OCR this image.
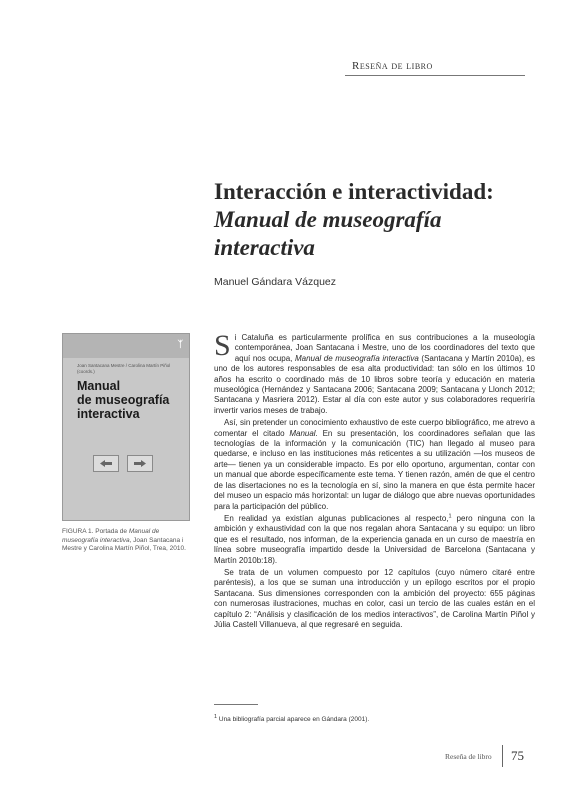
Reseña de libro
Interacción e interactividad:
Manual de museografía
interactiva
Manuel Gándara Vázquez
ᛉ
Joan Santacana Mestre / Carolina Martín Piñol (coords.)
Manual
de museografía
interactiva
FIGURA 1. Portada de Manual de museografía interactiva, Joan Santacana i Mestre y Carolina Martín Piñol, Trea, 2010.

Si Cataluña es particularmente prolífica en sus contribuciones a la museología contemporánea, Joan Santacana i Mestre, uno de los coordinadores del texto que aquí nos ocupa, Manual de museografía interactiva (Santacana y Martín 2010a), es uno de los autores responsables de esa alta productividad: tan sólo en los últimos 10 años ha escrito o coordinado más de 10 libros sobre teoría y educación en materia museológica (Hernández y Santacana 2006; Santacana 2009; Santacana y Llonch 2012; Santacana y Masriera 2012). Estar al día con este autor y sus colaboradores requeriría invertir varios meses de trabajo.

Así, sin pretender un conocimiento exhaustivo de este cuerpo bibliográfico, me atrevo a comentar el citado Manual. En su presentación, los coordinadores señalan que las tecnologías de la información y la comunicación (TIC) han llegado al museo para quedarse, e incluso en las instituciones más reticentes a su utilización —los museos de arte— tienen ya un considerable impacto. Es por ello oportuno, argumentan, contar con un manual que aborde específicamente este tema. Y tienen razón, amén de que el centro de las disertaciones no es la tecnología en sí, sino la manera en que ésta permite hacer del museo un espacio más horizontal: un lugar de diálogo que abre nuevas oportunidades para la participación del público.

En realidad ya existían algunas publicaciones al respecto,$^1$ pero ninguna con la ambición y exhaustividad con la que nos regalan ahora Santacana y su equipo: un libro que es el resultado, nos informan, de la experiencia ganada en un curso de maestría en línea sobre museografía impartido desde la Universidad de Barcelona (Santacana y Martín 2010b:18).

Se trata de un volumen compuesto por 12 capítulos (cuyo número citaré entre paréntesis), a los que se suman una introducción y un epílogo escritos por el propio Santacana. Sus dimensiones corresponden con la ambición del proyecto: 655 páginas con numerosas ilustraciones, muchas en color, casi un tercio de las cuales están en el capítulo 2: “Análisis y clasificación de los medios interactivos”, de Carolina Martín Piñol y Júlia Castell Villanueva, al que regresaré en seguida.

$^1$ Una bibliografía parcial aparece en Gándara (2001).
Reseña de libro 75
